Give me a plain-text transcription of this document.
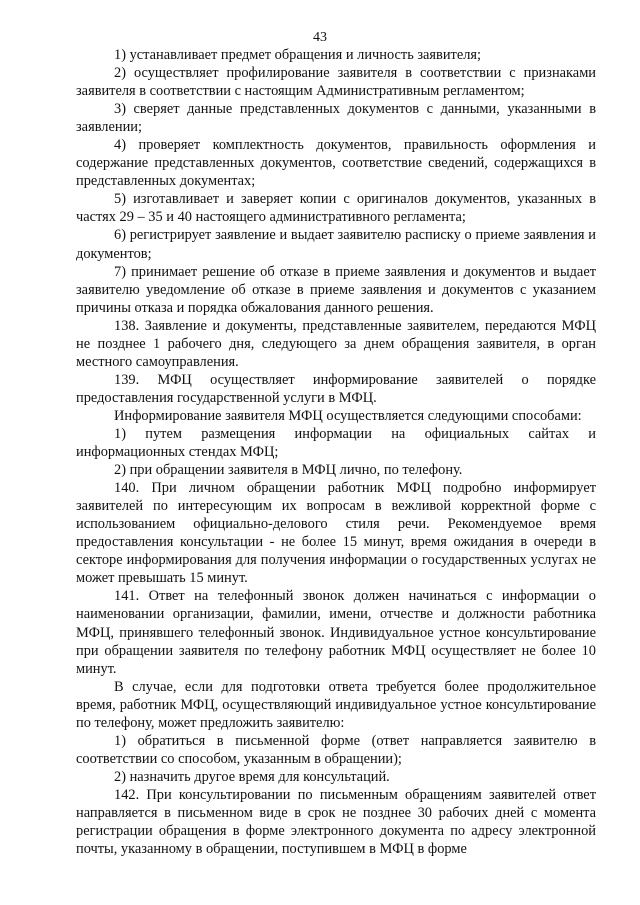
43

1) устанавливает предмет обращения и личность заявителя;

2) осуществляет профилирование заявителя в соответствии с признаками заявителя в соответствии с настоящим Административным регламентом;

3) сверяет данные представленных документов с данными, указанными в заявлении;

4) проверяет комплектность документов, правильность оформления и содержание представленных документов, соответствие сведений, содержащихся в представленных документах;

5) изготавливает и заверяет копии с оригиналов документов, указанных в частях 29 – 35 и 40 настоящего административного регламента;

6) регистрирует заявление и выдает заявителю расписку о приеме заявления и документов;

7) принимает решение об отказе в приеме заявления и документов и выдает заявителю уведомление об отказе в приеме заявления и документов с указанием причины отказа и порядка обжалования данного решения.

138. Заявление и документы, представленные заявителем, передаются МФЦ не позднее 1 рабочего дня, следующего за днем обращения заявителя, в орган местного самоуправления.

139. МФЦ осуществляет информирование заявителей о порядке предоставления государственной услуги в МФЦ.

Информирование заявителя МФЦ осуществляется следующими способами:

1) путем размещения информации на официальных сайтах и информационных стендах МФЦ;

2) при обращении заявителя в МФЦ лично, по телефону.

140. При личном обращении работник МФЦ подробно информирует заявителей по интересующим их вопросам в вежливой корректной форме с использованием официально-делового стиля речи. Рекомендуемое время предоставления консультации - не более 15 минут, время ожидания в очереди в секторе информирования для получения информации о государственных услугах не может превышать 15 минут.

141. Ответ на телефонный звонок должен начинаться с информации о наименовании организации, фамилии, имени, отчестве и должности работника МФЦ, принявшего телефонный звонок. Индивидуальное устное консультирование при обращении заявителя по телефону работник МФЦ осуществляет не более 10 минут.

В случае, если для подготовки ответа требуется более продолжительное время, работник МФЦ, осуществляющий индивидуальное устное консультирование по телефону, может предложить заявителю:

1) обратиться в письменной форме (ответ направляется заявителю в соответствии со способом, указанным в обращении);

2) назначить другое время для консультаций.

142. При консультировании по письменным обращениям заявителей ответ направляется в письменном виде в срок не позднее 30 рабочих дней с момента регистрации обращения в форме электронного документа по адресу электронной почты, указанному в обращении, поступившем в МФЦ в форме
